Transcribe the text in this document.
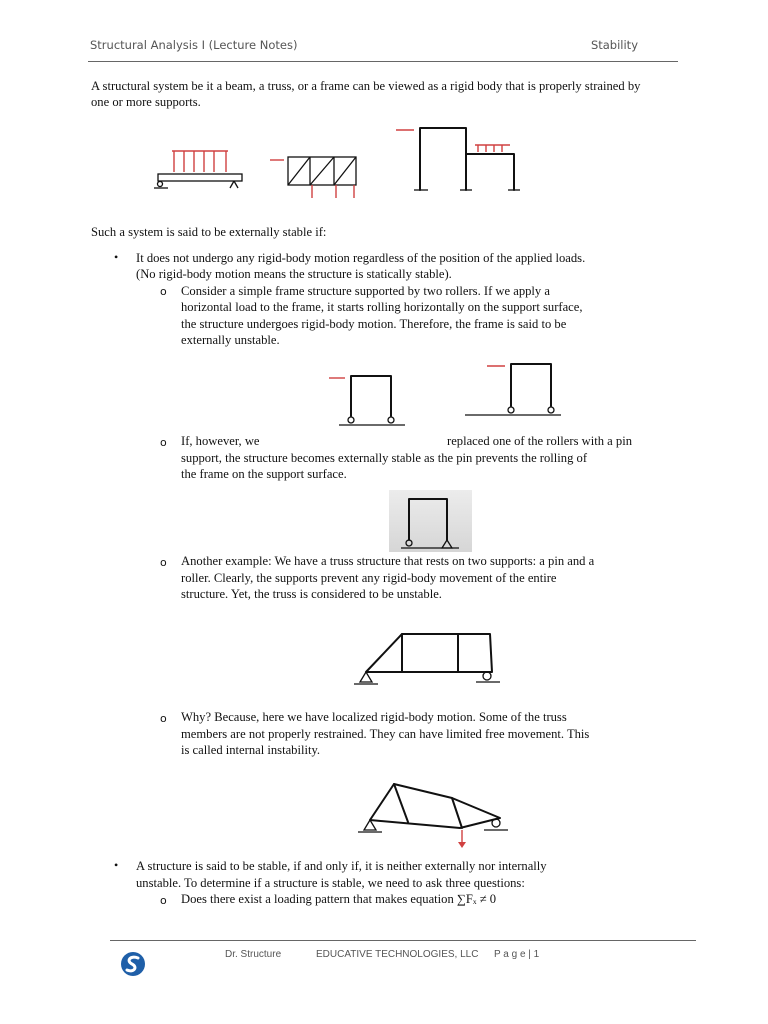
Structural Analysis I (Lecture Notes)	Stability
A structural system be it a beam, a truss, or a frame can be viewed as a rigid body that is properly strained by one or more supports.
Such a system is said to be externally stable if:
• It does not undergo any rigid-body motion regardless of the position of the applied loads.
(No rigid-body motion means the structure is statically stable).
o Consider a simple frame structure supported by two rollers. If we apply a
horizontal load to the frame, it starts rolling horizontally on the support surface,
the structure undergoes rigid-body motion. Therefore, the frame is said to be
externally unstable.
o If, however, we	replaced one of the rollers with a pin
support, the structure becomes externally stable as the pin prevents the rolling of
the frame on the support surface.
o Another example: We have a truss structure that rests on two supports: a pin and a
roller. Clearly, the supports prevent any rigid-body movement of the entire
structure. Yet, the truss is considered to be unstable.
o Why? Because, here we have localized rigid-body motion. Some of the truss
members are not properly restrained. They can have limited free movement. This
is called internal instability.
• A structure is said to be stable, if and only if, it is neither externally nor internally
unstable. To determine if a structure is stable, we need to ask three questions:
o Does there exist a loading pattern that makes equation ∑Fₓ ≠ 0
Dr. Structure	EDUCATIVE TECHNOLOGIES, LLC P a g e | 1
